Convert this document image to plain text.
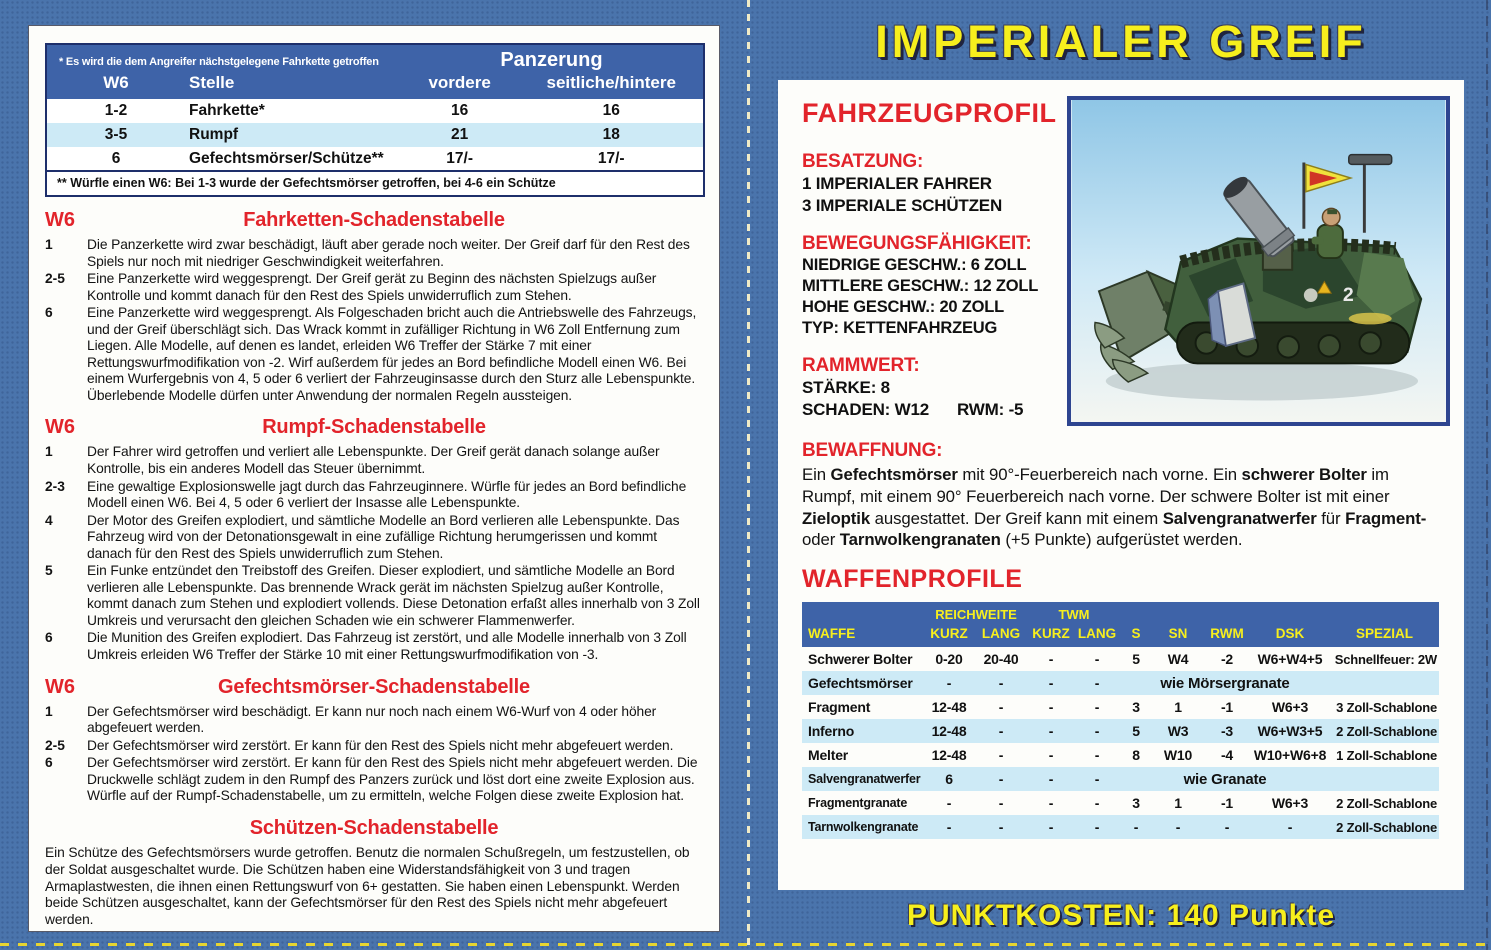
* Es wird die dem Angreifer nächstgelegene Fahrkette getroffen		Panzerung	
W6	Stelle	vordere	seitliche/hintere
1-2	Fahrkette*	16	16
3-5	Rumpf	21	18
6	Gefechtsmörser/Schütze**	17/-	17/-
** Würfle einen W6: Bei 1-3 wurde der Gefechtsmörser getroffen, bei 4-6 ein Schütze			
W6	Fahrketten-Schadenstabelle
1	Die Panzerkette wird zwar beschädigt, läuft aber gerade noch weiter. Der Greif darf für den Rest des Spiels nur noch mit niedriger Geschwindigkeit weiterfahren.
2-5	Eine Panzerkette wird weggesprengt. Der Greif gerät zu Beginn des nächsten Spielzugs außer Kontrolle und kommt danach für den Rest des Spiels unwiderruflich zum Stehen.
6	Eine Panzerkette wird weggesprengt. Als Folgeschaden bricht auch die Antriebswelle des Fahrzeugs, und der Greif überschlägt sich. Das Wrack kommt in zufälliger Richtung in W6 Zoll Entfernung zum Liegen. Alle Modelle, auf denen es landet, erleiden W6 Treffer der Stärke 7 mit einer Rettungswurfmodifikation von -2. Wirf außerdem für jedes an Bord befindliche Modell einen W6. Bei einem Wurfergebnis von 4, 5 oder 6 verliert der Fahrzeuginsasse durch den Sturz alle Lebenspunkte. Überlebende Modelle dürfen unter Anwendung der normalen Regeln aussteigen.
W6	Rumpf-Schadenstabelle
1	Der Fahrer wird getroffen und verliert alle Lebenspunkte. Der Greif gerät danach solange außer Kontrolle, bis ein anderes Modell das Steuer übernimmt.
2-3	Eine gewaltige Explosionswelle jagt durch das Fahrzeuginnere. Würfle für jedes an Bord befindliche Modell einen W6. Bei 4, 5 oder 6 verliert der Insasse alle Lebenspunkte.
4	Der Motor des Greifen explodiert, und sämtliche Modelle an Bord verlieren alle Lebenspunkte. Das Fahrzeug wird von der Detonationsgewalt in eine zufällige Richtung herumgerissen und kommt danach für den Rest des Spiels unwiderruflich zum Stehen.
5	Ein Funke entzündet den Treibstoff des Greifen. Dieser explodiert, und sämtliche Modelle an Bord verlieren alle Lebenspunkte. Das brennende Wrack gerät im nächsten Spielzug außer Kontrolle, kommt danach zum Stehen und explodiert vollends. Diese Detonation erfaßt alles innerhalb von 3 Zoll Umkreis und verursacht den gleichen Schaden wie ein schwerer Flammenwerfer.
6	Die Munition des Greifen explodiert. Das Fahrzeug ist zerstört, und alle Modelle innerhalb von 3 Zoll Umkreis erleiden W6 Treffer der Stärke 10 mit einer Rettungswurfmodifikation von -3.
W6	Gefechtsmörser-Schadenstabelle
1	Der Gefechtsmörser wird beschädigt. Er kann nur noch nach einem W6-Wurf von 4 oder höher abgefeuert werden.
2-5	Der Gefechtsmörser wird zerstört. Er kann für den Rest des Spiels nicht mehr abgefeuert werden.
6	Der Gefechtsmörser wird zerstört. Er kann für den Rest des Spiels nicht mehr abgefeuert werden. Die Druckwelle schlägt zudem in den Rumpf des Panzers zurück und löst dort eine zweite Explosion aus. Würfle auf der Rumpf-Schadenstabelle, um zu ermitteln, welche Folgen diese zweite Explosion hat.
Schützen-Schadenstabelle
Ein Schütze des Gefechtsmörsers wurde getroffen. Benutz die normalen Schußregeln, um festzustellen, ob der Soldat ausgeschaltet wurde. Die Schützen haben eine Widerstandsfähigkeit von 3 und tragen Armaplastwesten, die ihnen einen Rettungswurf von 6+ gestatten. Sie haben einen Lebenspunkt. Werden beide Schützen ausgeschaltet, kann der Gefechtsmörser für den Rest des Spiels nicht mehr abgefeuert werden.
IMPERIALER GREIF
FAHRZEUGPROFIL
2
BESATZUNG:
1 IMPERIALER FAHRER
3 IMPERIALE SCHÜTZEN
BEWEGUNGSFÄHIGKEIT:
NIEDRIGE GESCHW.: 6 ZOLL
MITTLERE GESCHW.: 12 ZOLL
HOHE GESCHW.: 20 ZOLL
TYP: KETTENFAHRZEUG
RAMMWERT:
STÄRKE: 8
SCHADEN: W12 RWM: -5
BEWAFFNUNG:
Ein Gefechtsmörser mit 90°-Feuerbereich nach vorne. Ein schwerer Bolter im Rumpf, mit einem 90° Feuerbereich nach vorne. Der schwere Bolter ist mit einer Zieloptik ausgestattet. Der Greif kann mit einem Salvengranatwerfer für Fragment- oder Tarnwolkengranaten (+5 Punkte) aufgerüstet werden.
WAFFENPROFILE
	REICHWEITE		TWM						
WAFFE	KURZ	LANG	KURZ	LANG	S	SN	RWM	DSK	SPEZIAL
Schwerer Bolter	0-20	20-40	-	-	5	W4	-2	W6+W4+5	Schnellfeuer: 2W
Gefechtsmörser	-	-	-	-	wie Mörsergranate				
Fragment	12-48	-	-	-	3	1	-1	W6+3	3 Zoll-Schablone
Inferno	12-48	-	-	-	5	W3	-3	W6+W3+5	2 Zoll-Schablone
Melter	12-48	-	-	-	8	W10	-4	W10+W6+8	1 Zoll-Schablone
Salvengranatwerfer	6	-	-	-	wie Granate				
Fragmentgranate	-	-	-	-	3	1	-1	W6+3	2 Zoll-Schablone
Tarnwolkengranate	-	-	-	-	-	-	-	-	2 Zoll-Schablone
PUNKTKOSTEN: 140 Punkte
